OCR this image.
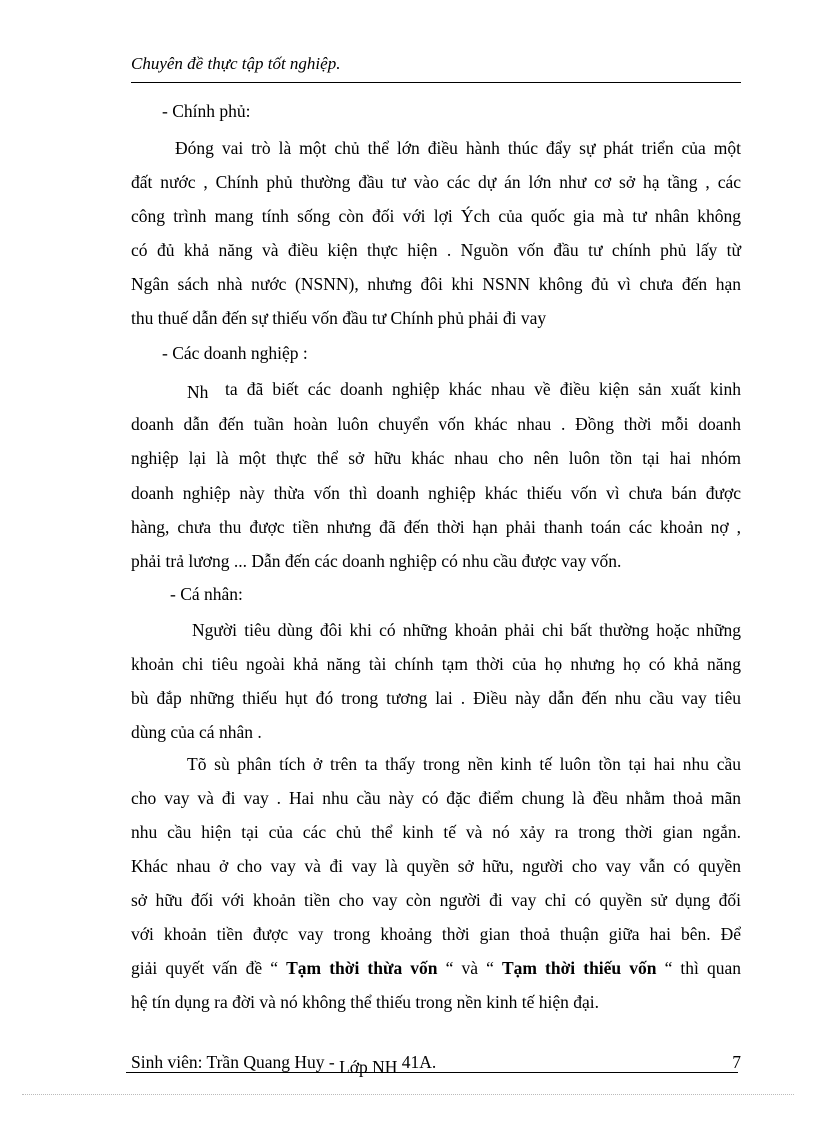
Chuyên đề thực tập tốt nghiệp.
- Chính phủ:
Đóng vai trò là một chủ thể lớn điều hành thúc đẩy sự phát triển của một
đất nước , Chính phủ thường đầu tư vào các dự án lớn như cơ sở hạ tầng , các
công trình mang tính sống còn đối với lợi Ých của quốc gia mà tư nhân không
có đủ khả năng và điều kiện thực hiện . Nguồn vốn đầu tư chính phủ lấy từ
Ngân sách nhà nước (NSNN), nhưng đôi khi NSNN không đủ vì chưa đến hạn
thu thuế dẫn đến sự thiếu vốn đầu tư Chính phủ phải đi vay
- Các doanh nghiệp :
Nh ta đã biết các doanh nghiệp khác nhau về điều kiện sản xuất kinh
doanh dẫn đến tuần hoàn luôn chuyển vốn khác nhau . Đồng thời mỗi doanh
nghiệp lại là một thực thể sở hữu khác nhau cho nên luôn tồn tại hai nhóm
doanh nghiệp này thừa vốn thì doanh nghiệp khác thiếu vốn vì chưa bán được
hàng, chưa thu được tiền nhưng đã đến thời hạn phải thanh toán các khoản nợ ,
phải trả lương ... Dẫn đến các doanh nghiệp có nhu cầu được vay vốn.
- Cá nhân:
Người tiêu dùng đôi khi có những khoản phải chi bất thường hoặc những
khoản chi tiêu ngoài khả năng tài chính tạm thời của họ nhưng họ có khả năng
bù đắp những thiếu hụt đó trong tương lai . Điều này dẫn đến nhu cầu vay tiêu
dùng của cá nhân .
Tõ sù phân tích ở trên ta thấy trong nền kinh tế luôn tồn tại hai nhu cầu
cho vay và đi vay . Hai nhu cầu này có đặc điểm chung là đều nhằm thoả mãn
nhu cầu hiện tại của các chủ thể kinh tế và nó xảy ra trong thời gian ngắn.
Khác nhau ở cho vay và đi vay là quyền sở hữu, người cho vay vẫn có quyền
sở hữu đối với khoản tiền cho vay còn người đi vay chỉ có quyền sử dụng đối
với khoản tiền được vay trong khoảng thời gian thoả thuận giữa hai bên. Để
giải quyết vấn đề “ Tạm thời thừa vốn “ và “ Tạm thời thiếu vốn “ thì quan
hệ tín dụng ra đời và nó không thể thiếu trong nền kinh tế hiện đại.
Sinh viên: Trần Quang Huy - Lớp NH 41A.	7
